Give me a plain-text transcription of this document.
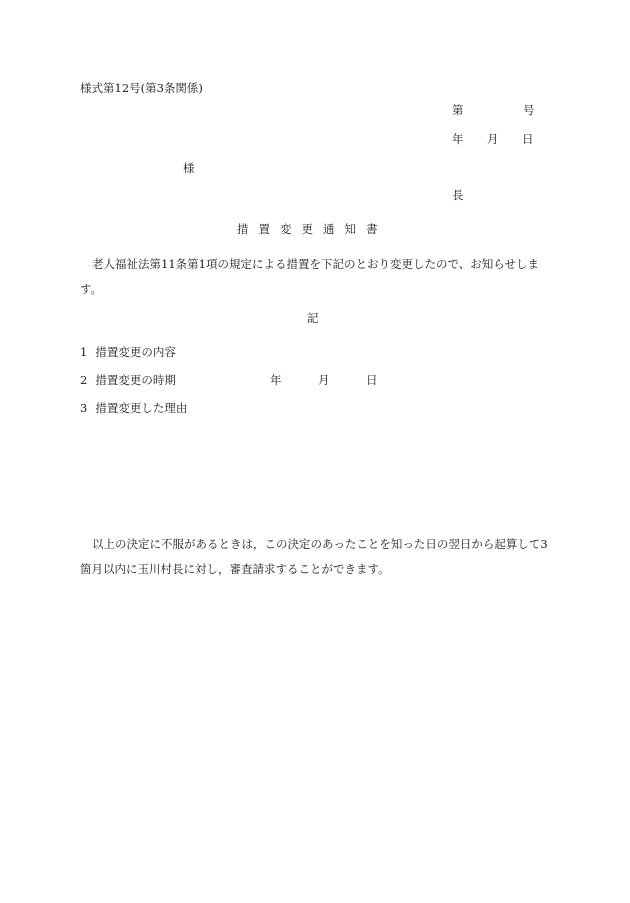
様式第12号(第3条関係)
第	号
年 月 日
様
長
措置変更通知書
老人福祉法第11条第1項の規定による措置を下記のとおり変更したので、お知らせします。
記
1 措置変更の内容
2 措置変更の時期
3 措置変更した理由
年	月	日
以上の決定に不服があるときは，この決定のあったことを知った日の翌日から起算して3箇月以内に玉川村長に対し，審査請求することができます。
